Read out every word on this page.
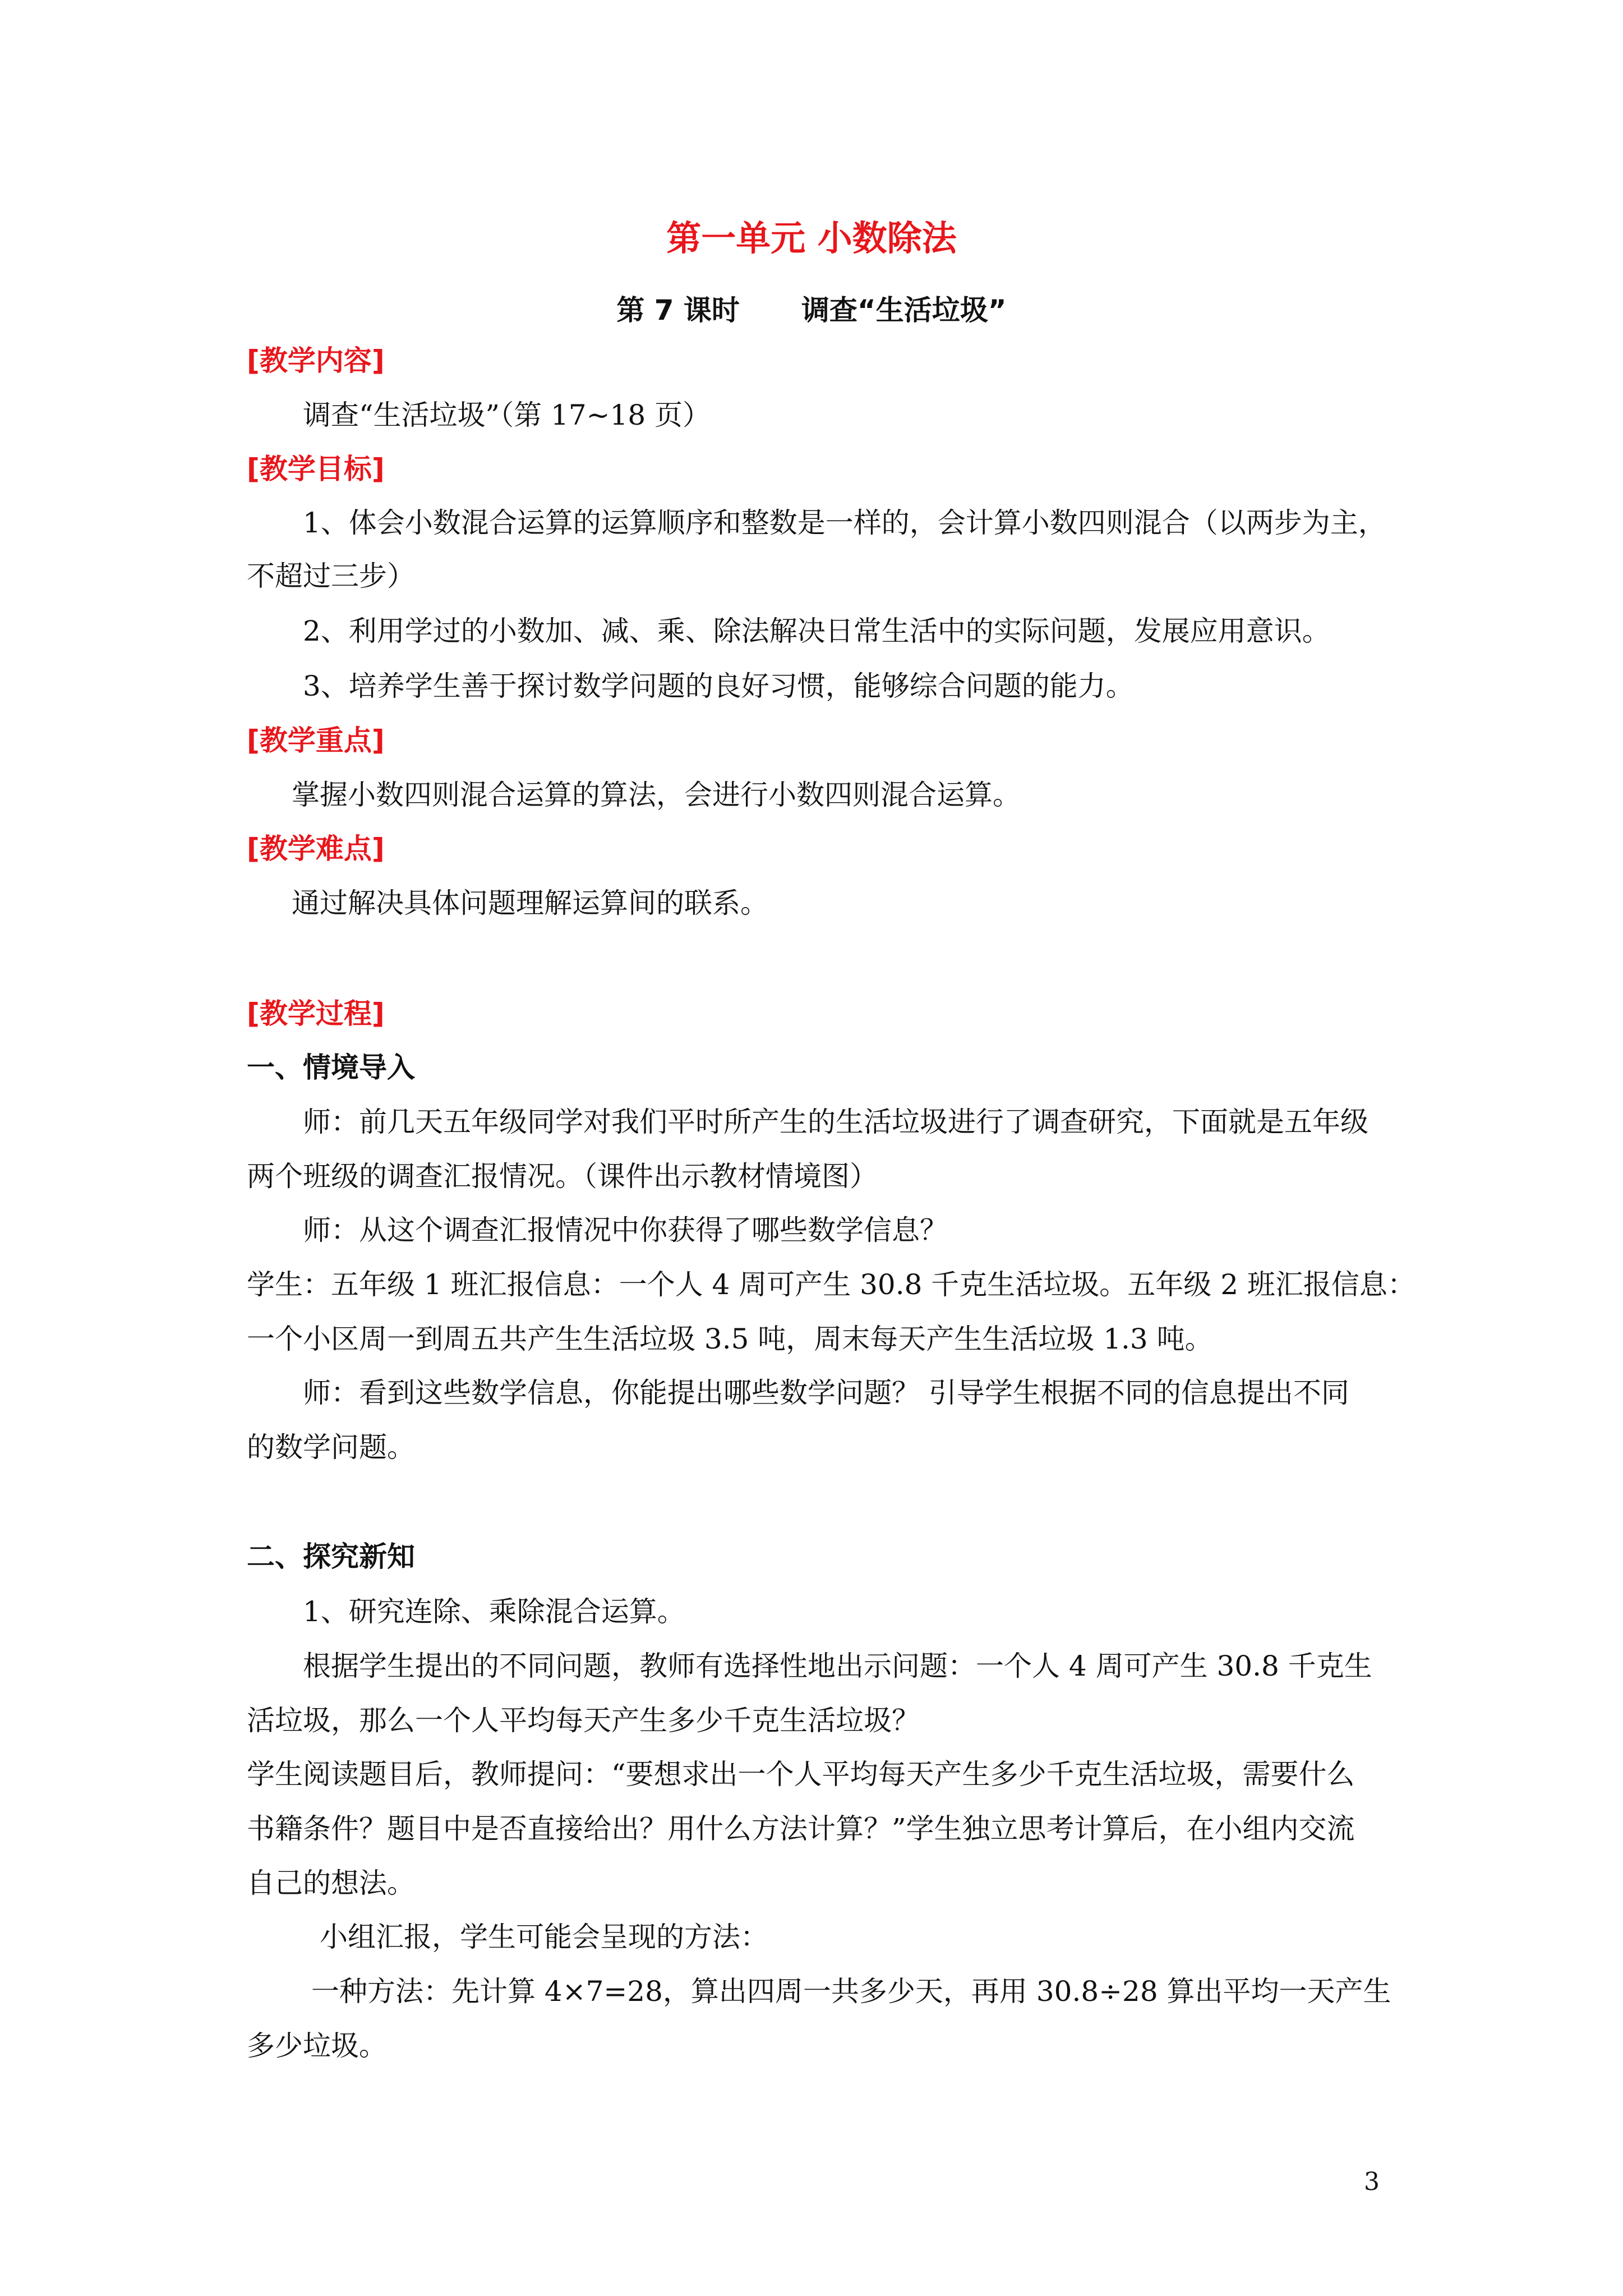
第一单元 小数除法
第 7 课时 调查“生活垃圾”
[教学内容]
调查“生活垃圾”（第 17~18 页）
[教学目标]
1、体会小数混合运算的运算顺序和整数是一样的，会计算小数四则混合（以两步为主，
不超过三步）
2、利用学过的小数加、减、乘、除法解决日常生活中的实际问题，发展应用意识。
3、培养学生善于探讨数学问题的良好习惯，能够综合问题的能力。
[教学重点]
掌握小数四则混合运算的算法，会进行小数四则混合运算。
[教学难点]
通过解决具体问题理解运算间的联系。
[教学过程]
一、情境导入
师：前几天五年级同学对我们平时所产生的生活垃圾进行了调查研究，下面就是五年级
两个班级的调查汇报情况。（课件出示教材情境图）
师：从这个调查汇报情况中你获得了哪些数学信息？
学生：五年级 1 班汇报信息：一个人 4 周可产生 30.8 千克生活垃圾。五年级 2 班汇报信息：
一个小区周一到周五共产生生活垃圾 3.5 吨，周末每天产生生活垃圾 1.3 吨。
师：看到这些数学信息，你能提出哪些数学问题？ 引导学生根据不同的信息提出不同
的数学问题。
二、探究新知
1、研究连除、乘除混合运算。
根据学生提出的不同问题，教师有选择性地出示问题：一个人 4 周可产生 30.8 千克生
活垃圾，那么一个人平均每天产生多少千克生活垃圾？
学生阅读题目后，教师提问：“要想求出一个人平均每天产生多少千克生活垃圾，需要什么
书籍条件？题目中是否直接给出？用什么方法计算？”学生独立思考计算后，在小组内交流
自己的想法。
小组汇报，学生可能会呈现的方法：
一种方法：先计算 4×7=28，算出四周一共多少天，再用 30.8÷28 算出平均一天产生
多少垃圾。
3
